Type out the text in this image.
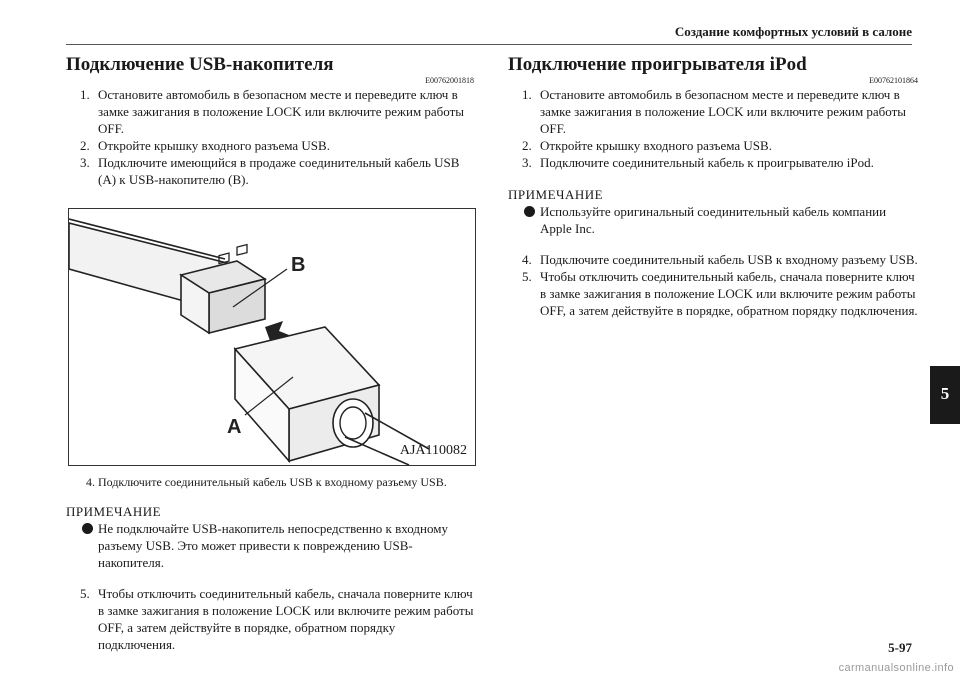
Создание комфортных условий в салоне
Подключение USB-накопителя
E00762001818
1. Остановите автомобиль в безопасном месте и переведите ключ в замке зажигания в положение LOCK или включите режим работы OFF.
2. Откройте крышку входного разъема USB.
3. Подключите имеющийся в продаже соединительный кабель USB (A) к USB-накопителю (B).
B
A
AJA110082
4. Подключите соединительный кабель USB к входному разъему USB.
ПРИМЕЧАНИЕ
Не подключайте USB-накопитель непосредственно к входному разъему USB. Это может привести к повреждению USB-накопителя.
5. Чтобы отключить соединительный кабель, сначала поверните ключ в замке зажигания в положение LOCK или включите режим работы OFF, а затем действуйте в порядке, обратном порядку подключения.
Подключение проигрывателя iPod
E00762101864
1. Остановите автомобиль в безопасном месте и переведите ключ в замке зажигания в положение LOCK или включите режим работы OFF.
2. Откройте крышку входного разъема USB.
3. Подключите соединительный кабель к проигрывателю iPod.
ПРИМЕЧАНИЕ
Используйте оригинальный соединительный кабель компании Apple Inc.
4. Подключите соединительный кабель USB к входному разъему USB.
5. Чтобы отключить соединительный кабель, сначала поверните ключ в замке зажигания в положение LOCK или включите режим работы OFF, а затем действуйте в порядке, обратном порядку подключения.
5
5-97
carmanualsonline.info
